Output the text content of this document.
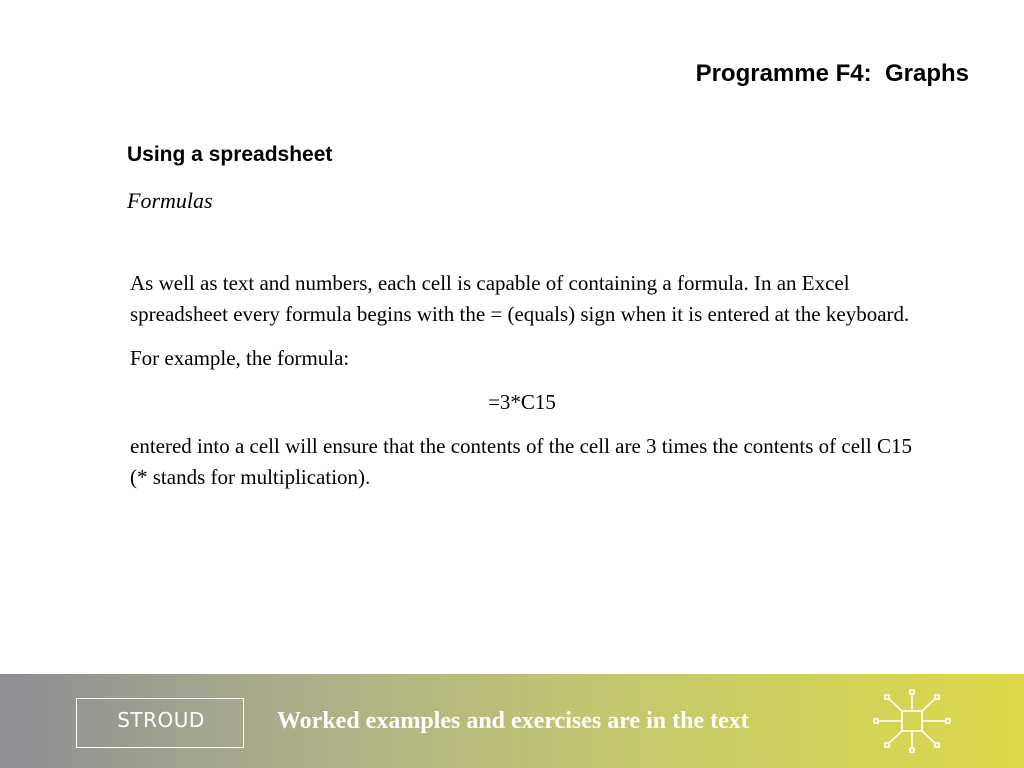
Programme F4:  Graphs
Using a spreadsheet
Formulas

As well as text and numbers, each cell is capable of containing a formula. In an Excel spreadsheet every formula begins with the = (equals) sign when it is entered at the keyboard.

For example, the formula:

=3*C15

entered into a cell will ensure that the contents of the cell are 3 times the contents of cell C15 (* stands for multiplication).

STROUD	Worked examples and exercises are in the text
